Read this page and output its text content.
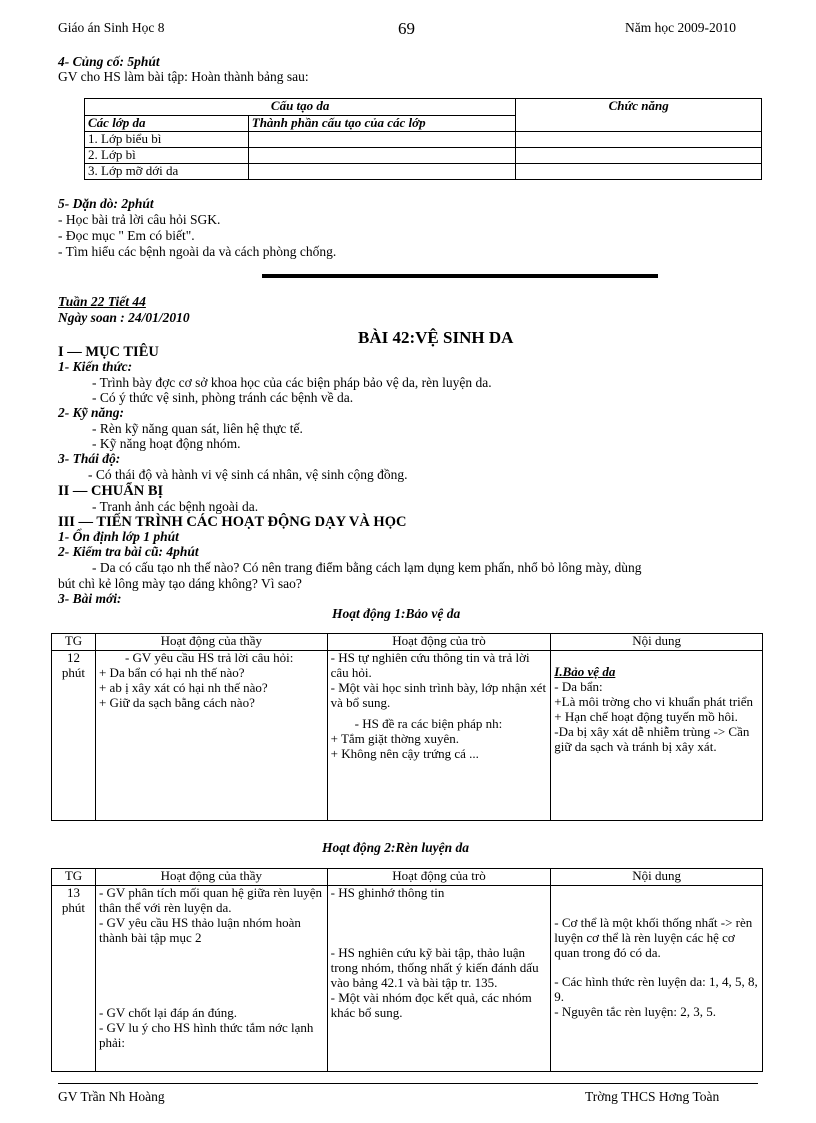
Giáo án Sinh Học 8	69	Năm học 2009-2010
4- Củng cố: 5phút
GV cho HS làm bài tập: Hoàn thành bảng sau:
Cấu tạo da		Chức năng
Các lớp da	Thành phần cấu tạo của các lớp	
1. Lớp biểu bì		
2. Lớp bì		
3. Lớp mỡ dới da		
5- Dặn dò: 2phút
- Học bài trả lời câu hỏi SGK.
- Đọc mục " Em có biết".
- Tìm hiểu các bệnh ngoài da và cách phòng chống.
Tuần 22 Tiết 44
Ngày soan : 24/01/2010
BÀI 42:VỆ SINH DA
I — MỤC TIÊU
1- Kiến thức:
- Trình bày đợc cơ sở khoa học của các biện pháp bảo vệ da, rèn luyện da.
- Có ý thức vệ sinh, phòng tránh các bệnh về da.
2- Kỹ năng:
- Rèn kỹ năng quan sát, liên hệ thực tế.
- Kỹ năng hoạt động nhóm.
3- Thái độ:
- Có thái độ và hành vi vệ sinh cá nhân, vệ sinh cộng đồng.
II — CHUẨN BỊ
- Tranh ảnh các bệnh ngoài da.
III — TIẾN TRÌNH CÁC HOẠT ĐỘNG DẠY VÀ HỌC
1- Ổn định lớp 1 phút
2- Kiểm tra bài cũ: 4phút
- Da có cấu tạo nh thế nào? Có nên trang điểm bằng cách lạm dụng kem phấn, nhổ bỏ lông mày, dùng
bút chì kẻ lông mày tạo dáng không? Vì sao?
3- Bài mới:
Hoạt động 1:Bảo vệ da
TG	Hoạt động của thầy	Hoạt động của trò	Nội dung

12
phút	- GV yêu cầu HS trả lời câu hỏi:
+ Da bẩn có hại nh thế nào?
+ ab ị xây xát có hại nh thế nào?
+ Giữ da sạch bằng cách nào?	- HS tự nghiên cứu thông tin và trả lời câu hỏi.
- Một vài học sinh trình bày, lớp nhận xét và bổ sung.
- HS đề ra các biện pháp nh:
+ Tắm giặt thờng xuyên.
+ Không nên cậy trứng cá ...	I.Bảo vệ da
- Da bẩn:
+Là môi trờng cho vi khuẩn phát triển
+ Hạn chế hoạt động tuyến mồ hôi.
-Da bị xây xát dễ nhiễm trùng -> Cần giữ da sạch và tránh bị xây xát.
Hoạt động 2:Rèn luyện da
TG	Hoạt động của thầy	Hoạt động của trò	Nội dung

13
phút	- GV phân tích mối quan hệ giữa rèn luyện thân thể với rèn luyện da.
- GV yêu cầu HS thảo luận nhóm hoàn thành bài tập mục 2
- GV chốt lại đáp án đúng.
- GV lu ý cho HS hình thức tắm nớc lạnh phải:	- HS ghinhớ thông tin
- HS nghiên cứu kỹ bài tập, thảo luận trong nhóm, thống nhất ý kiến đánh dấu vào bảng 42.1 và bài tập tr. 135.
- Một vài nhóm đọc kết quả, các nhóm khác bổ sung.	- Cơ thể là một khối thống nhất -> rèn luyện cơ thể là rèn luyện các hệ cơ quan trong đó có da.
- Các hình thức rèn luyện da: 1, 4, 5, 8, 9.
- Nguyên tắc rèn luyện: 2, 3, 5.
GV Trần Nh Hoàng	Trờng THCS Hơng Toàn
